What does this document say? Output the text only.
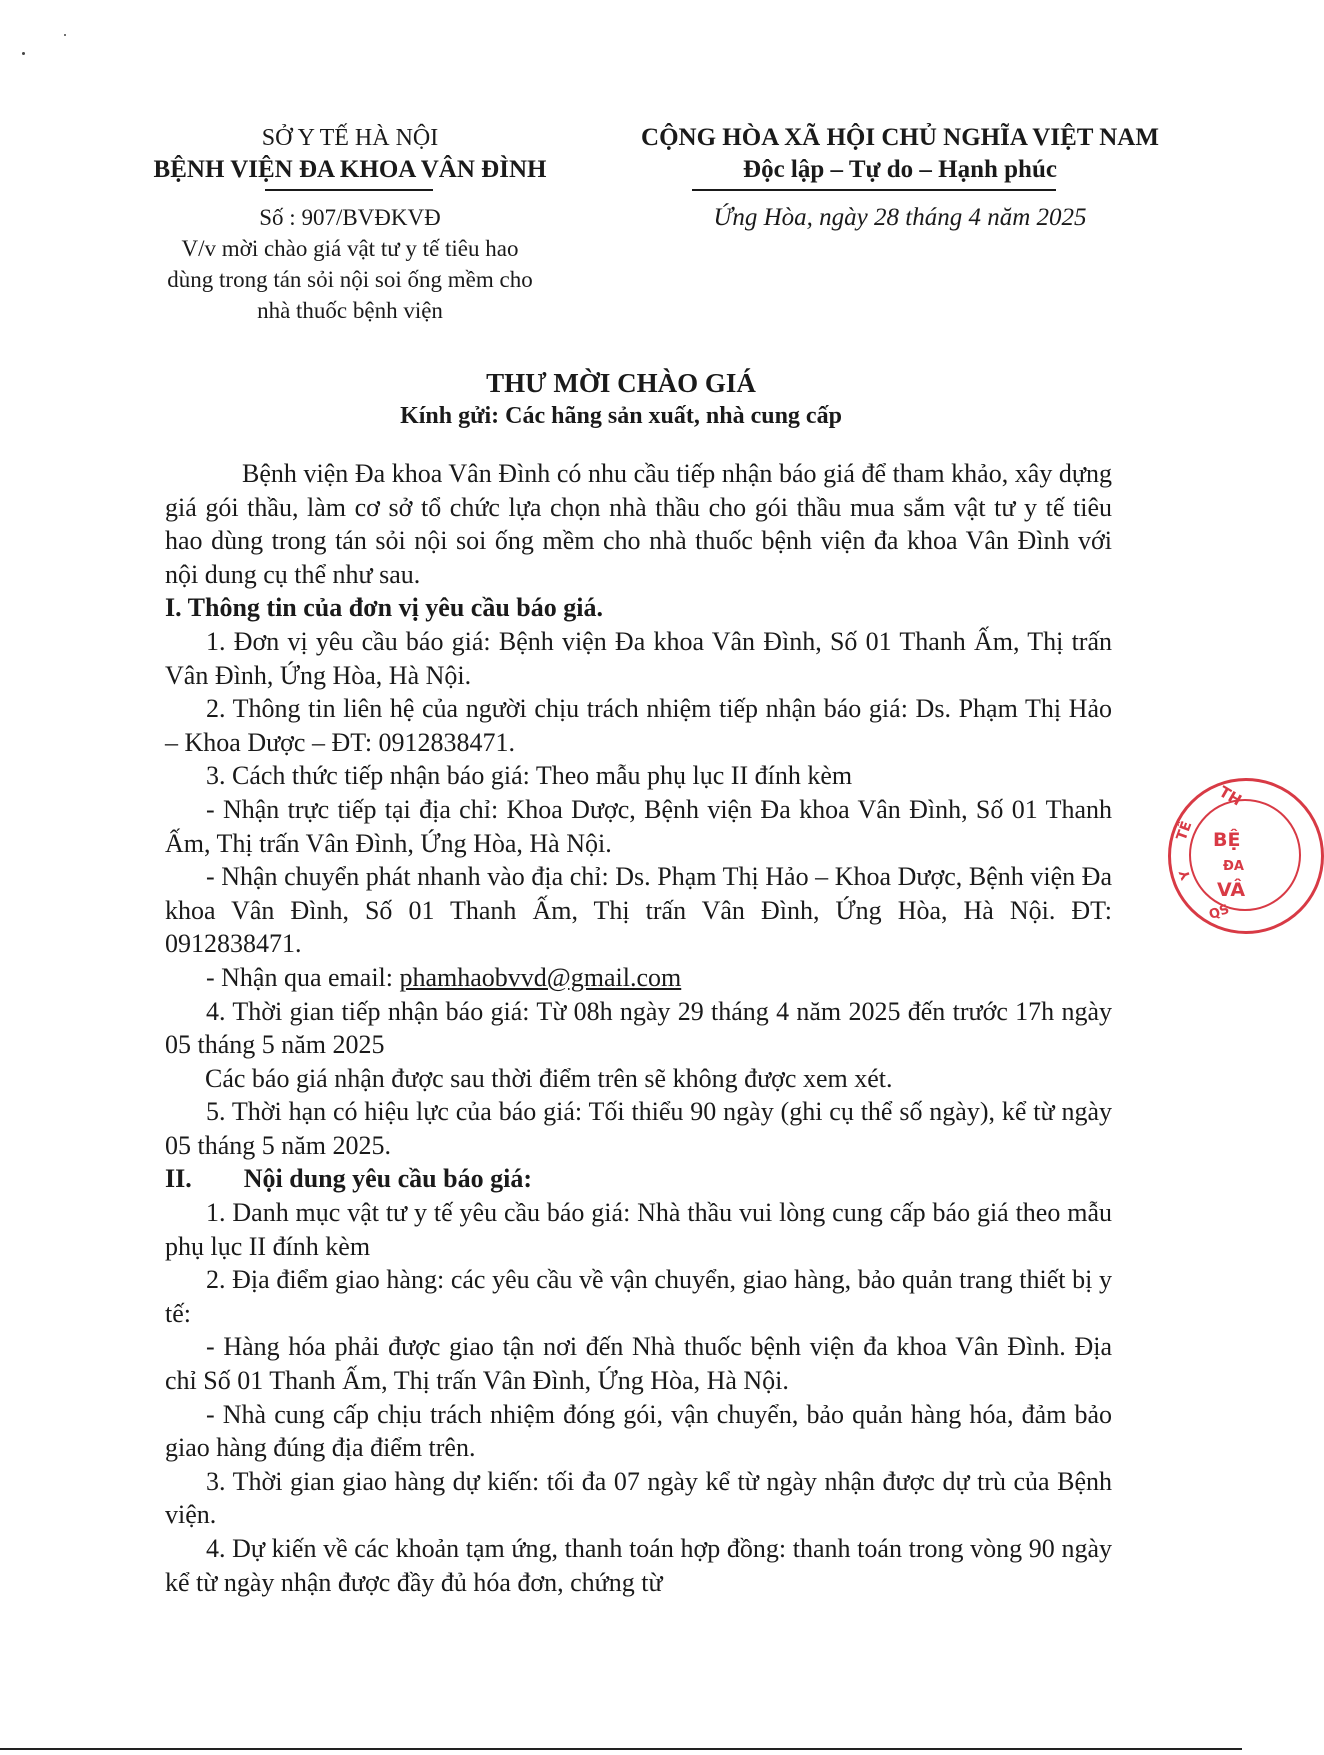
SỞ Y TẾ HÀ NỘI
BỆNH VIỆN ĐA KHOA VÂN ĐÌNH
Số : 907/BVĐKVĐ
V/v mời chào giá vật tư y tế tiêu hao
dùng trong tán sỏi nội soi ống mềm cho
nhà thuốc bệnh viện
CỘNG HÒA XÃ HỘI CHỦ NGHĨA VIỆT NAM
Độc lập – Tự do – Hạnh phúc
Ứng Hòa, ngày 28 tháng 4 năm 2025
THƯ MỜI CHÀO GIÁ
Kính gửi: Các hãng sản xuất, nhà cung cấp

Bệnh viện Đa khoa Vân Đình có nhu cầu tiếp nhận báo giá để tham khảo, xây dựng giá gói thầu, làm cơ sở tổ chức lựa chọn nhà thầu cho gói thầu mua sắm vật tư y tế tiêu hao dùng trong tán sỏi nội soi ống mềm cho nhà thuốc bệnh viện đa khoa Vân Đình với nội dung cụ thể như sau.

I. Thông tin của đơn vị yêu cầu báo giá.

1. Đơn vị yêu cầu báo giá: Bệnh viện Đa khoa Vân Đình, Số 01 Thanh Ấm, Thị trấn Vân Đình, Ứng Hòa, Hà Nội.

2. Thông tin liên hệ của người chịu trách nhiệm tiếp nhận báo giá: Ds. Phạm Thị Hảo – Khoa Dược – ĐT: 0912838471.

3. Cách thức tiếp nhận báo giá: Theo mẫu phụ lục II đính kèm

- Nhận trực tiếp tại địa chỉ: Khoa Dược, Bệnh viện Đa khoa Vân Đình, Số 01 Thanh Ấm, Thị trấn Vân Đình, Ứng Hòa, Hà Nội.

- Nhận chuyển phát nhanh vào địa chỉ: Ds. Phạm Thị Hảo – Khoa Dược, Bệnh viện Đa khoa Vân Đình, Số 01 Thanh Ấm, Thị trấn Vân Đình, Ứng Hòa, Hà Nội. ĐT: 0912838471.

- Nhận qua email: phamhaobvvd@gmail.com

4. Thời gian tiếp nhận báo giá: Từ 08h ngày 29 tháng 4 năm 2025 đến trước 17h ngày 05 tháng 5 năm 2025

Các báo giá nhận được sau thời điểm trên sẽ không được xem xét.

5. Thời hạn có hiệu lực của báo giá: Tối thiểu 90 ngày (ghi cụ thể số ngày), kể từ ngày 05 tháng 5 năm 2025.

II. Nội dung yêu cầu báo giá:

1. Danh mục vật tư y tế yêu cầu báo giá: Nhà thầu vui lòng cung cấp báo giá theo mẫu phụ lục II đính kèm

2. Địa điểm giao hàng: các yêu cầu về vận chuyển, giao hàng, bảo quản trang thiết bị y tế:

- Hàng hóa phải được giao tận nơi đến Nhà thuốc bệnh viện đa khoa Vân Đình. Địa chỉ Số 01 Thanh Ấm, Thị trấn Vân Đình, Ứng Hòa, Hà Nội.

- Nhà cung cấp chịu trách nhiệm đóng gói, vận chuyển, bảo quản hàng hóa, đảm bảo giao hàng đúng địa điểm trên.

3. Thời gian giao hàng dự kiến: tối đa 07 ngày kể từ ngày nhận được dự trù của Bệnh viện.

4. Dự kiến về các khoản tạm ứng, thanh toán hợp đồng: thanh toán trong vòng 90 ngày kể từ ngày nhận được đầy đủ hóa đơn, chứng từ

TH
BỆ
ĐA
VÂ
TẾ
Y
QS
